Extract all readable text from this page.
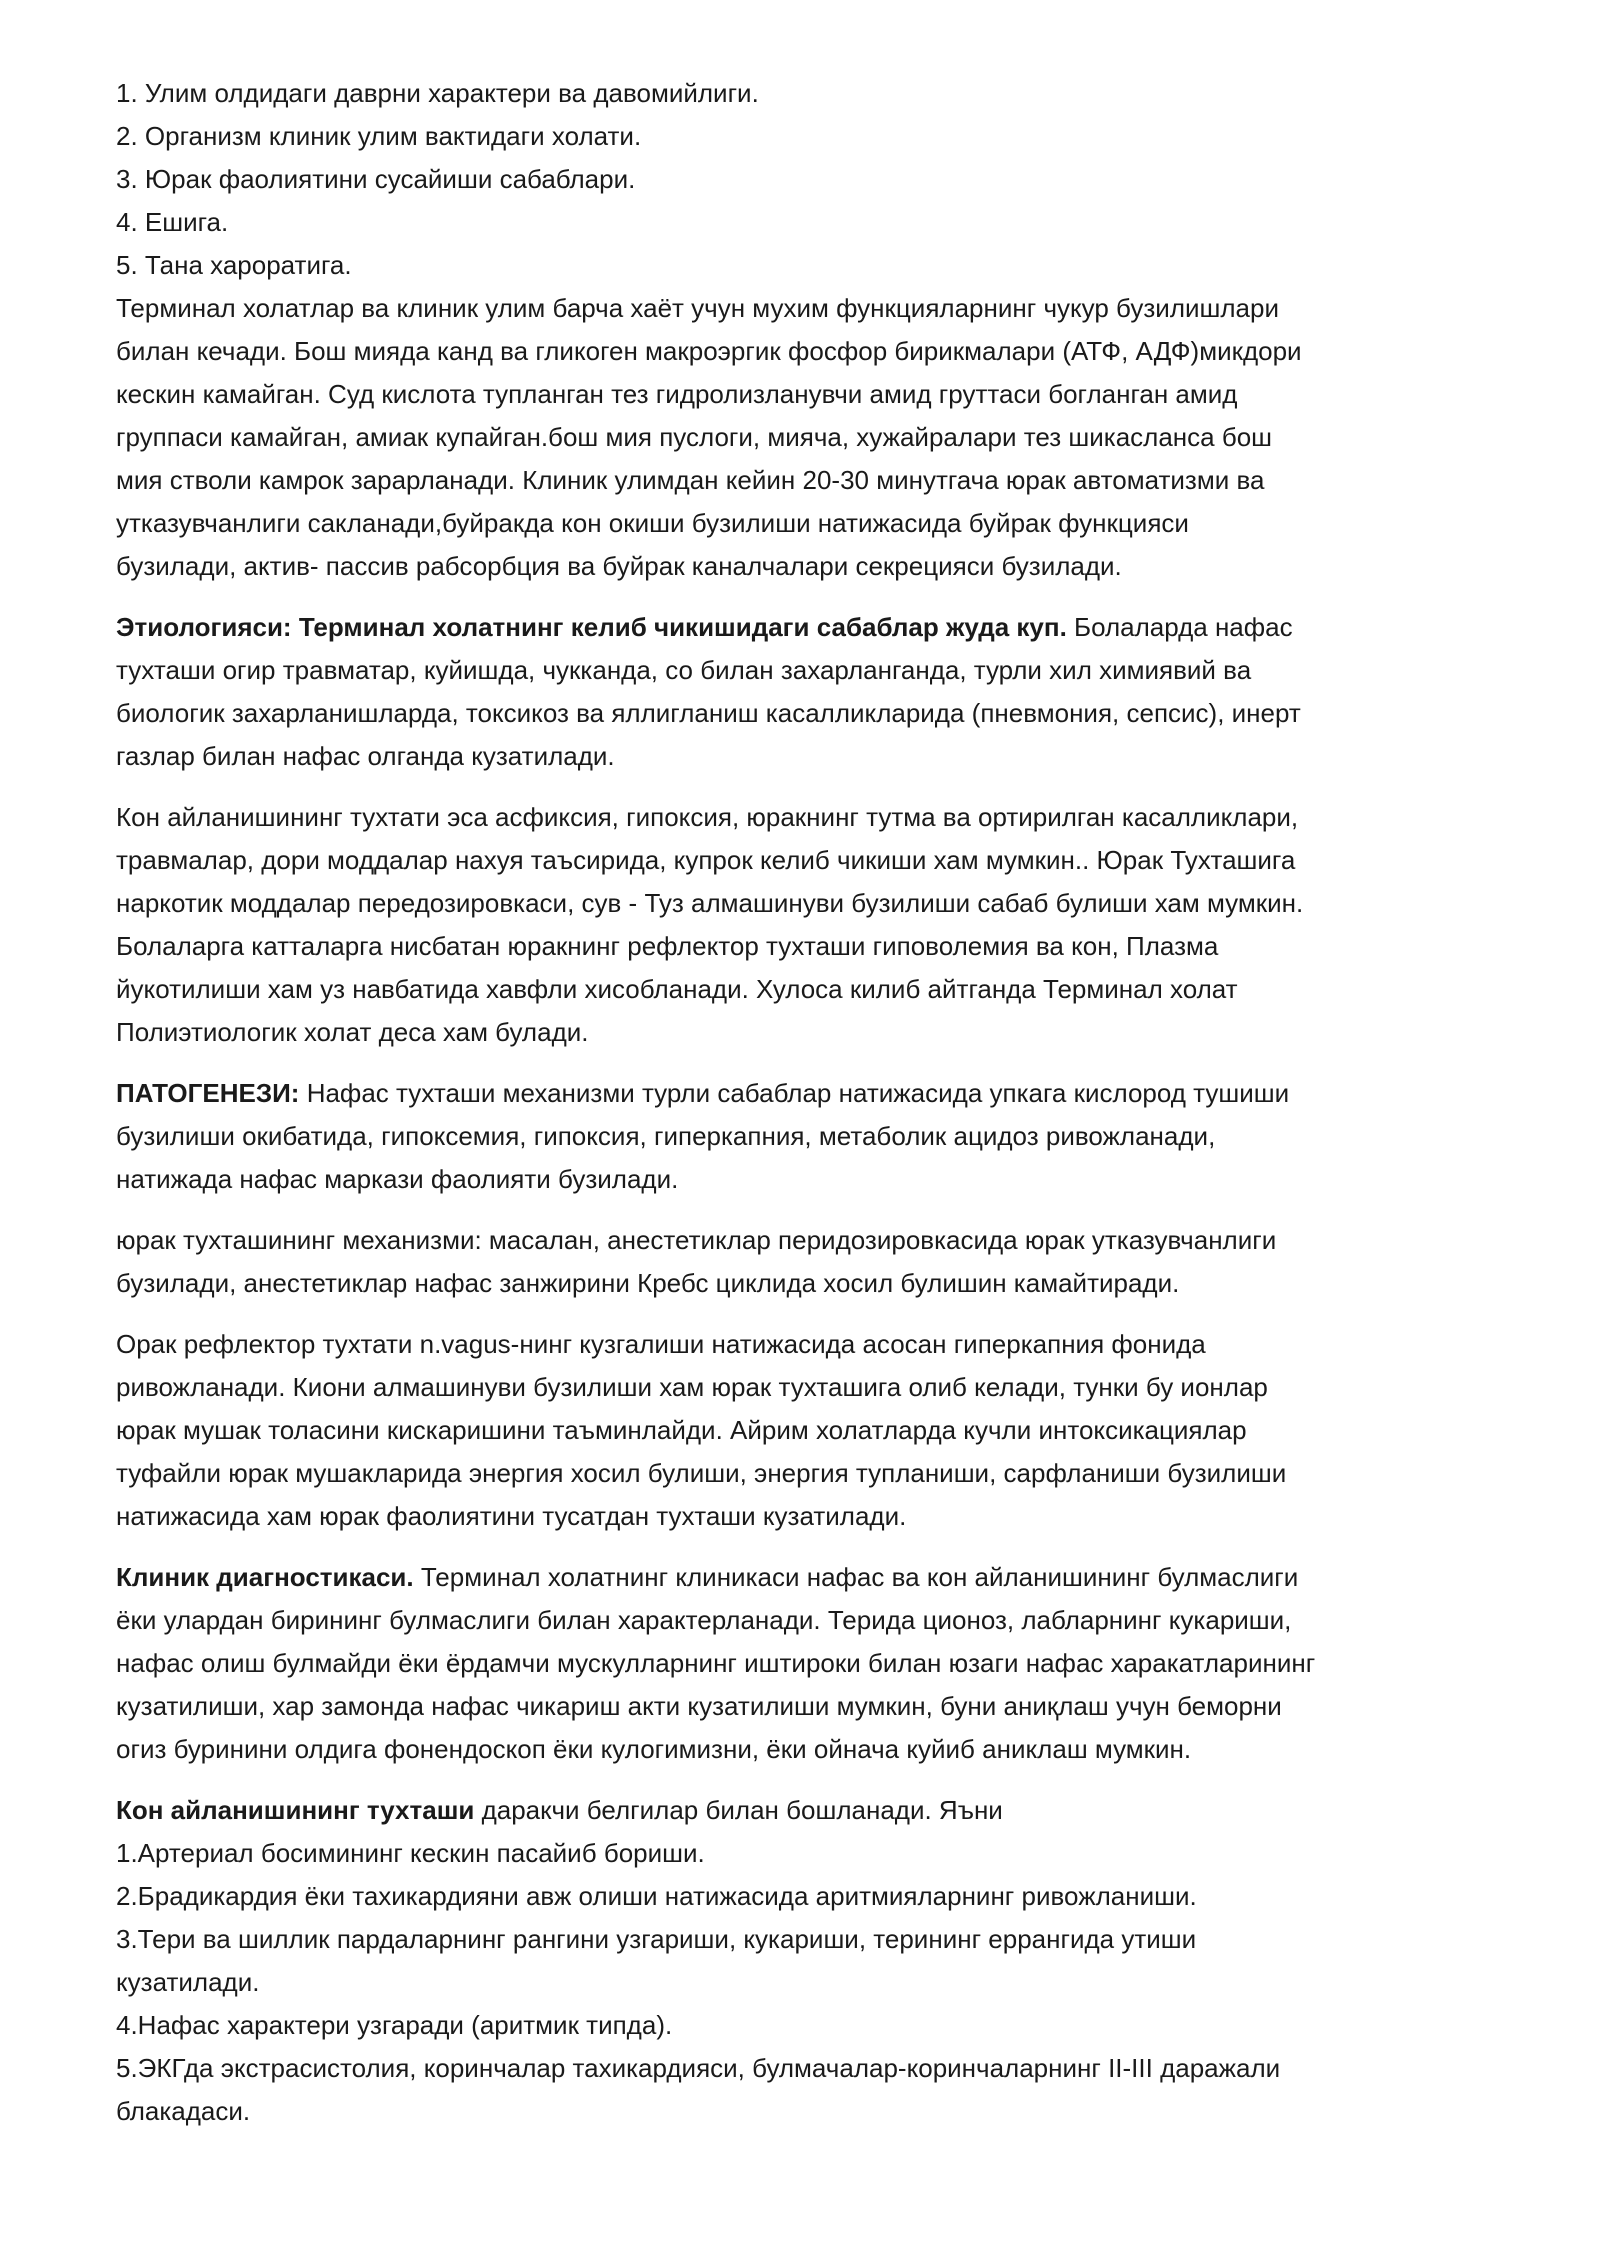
1. Улим олдидаги даврни характери ва давомийлиги.
2. Организм клиник улим вактидаги холати.
3. Юрак фаолиятини сусайиши сабаблари.
4. Ешига.
5. Тана хароратига.
Терминал холатлар ва клиник улим барча хаёт учун мухим функцияларнинг чукур бузилишлари
билан кечади. Бош мияда канд ва гликоген макроэргик фосфор бирикмалари (АТФ, АДФ)микдори
кескин камайган. Суд кислота тупланган тез гидролизланувчи амид груттаси богланган амид
группаси камайган, амиак купайган.бош мия пуслоги, мияча, хужайралари тез шикасланса бош
мия стволи камрок зарарланади. Клиник улимдан кейин 20-30 минутгача юрак автоматизми ва
утказувчанлиги сакланади,буйракда кон окиши бузилиши натижасида буйрак функцияси
бузилади, актив- пассив рабсорбция ва буйрак каналчалари секрецияси бузилади.
Этиологияси: Терминал холатнинг келиб чикишидаги сабаблар жуда куп. Болаларда нафас
тухташи огир травматар, куйишда, чукканда, со билан захарланганда, турли хил химиявий ва
биологик захарланишларда, токсикоз ва яллигланиш касалликларида (пневмония, сепсис), инерт
газлар билан нафас олганда кузатилади.
Кон айланишининг тухтати эса асфиксия, гипоксия, юракнинг тутма ва ортирилган касалликлари,
травмалар, дори моддалар нахуя таъсирида, купрок келиб чикиши хам мумкин.. Юрак Тухташига
наркотик моддалар передозировкаси, сув - Туз алмашинуви бузилиши сабаб булиши хам мумкин.
Болаларга катталарга нисбатан юракнинг рефлектор тухташи гиповолемия ва кон, Плазма
йукотилиши хам уз навбатида хавфли хисобланади. Хулоса килиб айтганда Терминал холат
Полиэтиологик холат деса хам булади.
ПАТОГЕНЕЗИ: Нафас тухташи механизми турли сабаблар натижасида упкага кислород тушиши
бузилиши окибатида, гипоксемия, гипоксия, гиперкапния, метаболик ацидоз ривожланади,
натижада нафас маркази фаолияти бузилади.
юрак тухташининг механизми: масалан, анестетиклар перидозировкасида юрак утказувчанлиги
бузилади, анестетиклар нафас занжирини Кребс циклида хосил булишин камайтиради.
Орак рефлектор тухтати n.vagus-нинг кузгалиши натижасида асосан гиперкапния фонида
ривожланади. Киони алмашинуви бузилиши хам юрак тухташига олиб келади, тунки бу ионлар
юрак мушак толасини кискаришини таъминлайди. Айрим холатларда кучли интоксикациялар
туфайли юрак мушакларида энергия хосил булиши, энергия тупланиши, сарфланиши бузилиши
натижасида хам юрак фаолиятини тусатдан тухташи кузатилади.
Клиник диагностикаси. Терминал холатнинг клиникаси нафас ва кон айланишининг булмаслиги
ёки улардан бирининг булмаслиги билан характерланади. Терида ционоз, лабларнинг кукариши,
нафас олиш булмайди ёки ёрдамчи мускулларнинг иштироки билан юзаги нафас харакатларининг
кузатилиши, хар замонда нафас чикариш акти кузатилиши мумкин, буни аниқлаш учун беморни
огиз буринини олдига фонендоскоп ёки кулогимизни, ёки ойнача куйиб аниклаш мумкин.
Кон айланишининг тухташи даракчи белгилар билан бошланади. Яъни
1.Артериал босимининг кескин пасайиб бориши.
2.Брадикардия ёки тахикардияни авж олиши натижасида аритмияларнинг ривожланиши.
3.Тери ва шиллик пардаларнинг рангини узгариши, кукариши, терининг еррангида утиши
кузатилади.
4.Нафас характери узгаради (аритмик типда).
5.ЭКГда экстрасистолия, коринчалар тахикардияси, булмачалар-коринчаларнинг II-III даражали
блакадаси.
